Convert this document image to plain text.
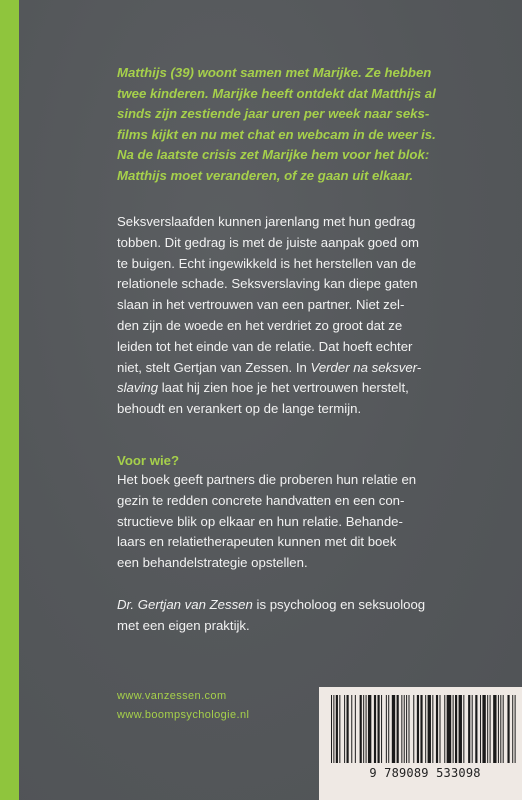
Matthijs (39) woont samen met Marijke. Ze hebben
twee kinderen. Marijke heeft ontdekt dat Matthijs al
sinds zijn zestiende jaar uren per week naar seks-
films kijkt en nu met chat en webcam in de weer is.
Na de laatste crisis zet Marijke hem voor het blok:
Matthijs moet veranderen, of ze gaan uit elkaar.
Seksverslaafden kunnen jarenlang met hun gedrag
tobben. Dit gedrag is met de juiste aanpak goed om
te buigen. Echt ingewikkeld is het herstellen van de
relationele schade. Seksverslaving kan diepe gaten
slaan in het vertrouwen van een partner. Niet zel-
den zijn de woede en het verdriet zo groot dat ze
leiden tot het einde van de relatie. Dat hoeft echter
niet, stelt Gertjan van Zessen. In Verder na seksver-
slaving laat hij zien hoe je het vertrouwen herstelt,
behoudt en verankert op de lange termijn.
Voor wie?
Het boek geeft partners die proberen hun relatie en
gezin te redden concrete handvatten en een con-
structieve blik op elkaar en hun relatie. Behande-
laars en relatietherapeuten kunnen met dit boek
een behandelstrategie opstellen.
Dr. Gertjan van Zessen is psycholoog en seksuoloog
met een eigen praktijk.
www.vanzessen.com
www.boompsychologie.nl
9 789089 533098
